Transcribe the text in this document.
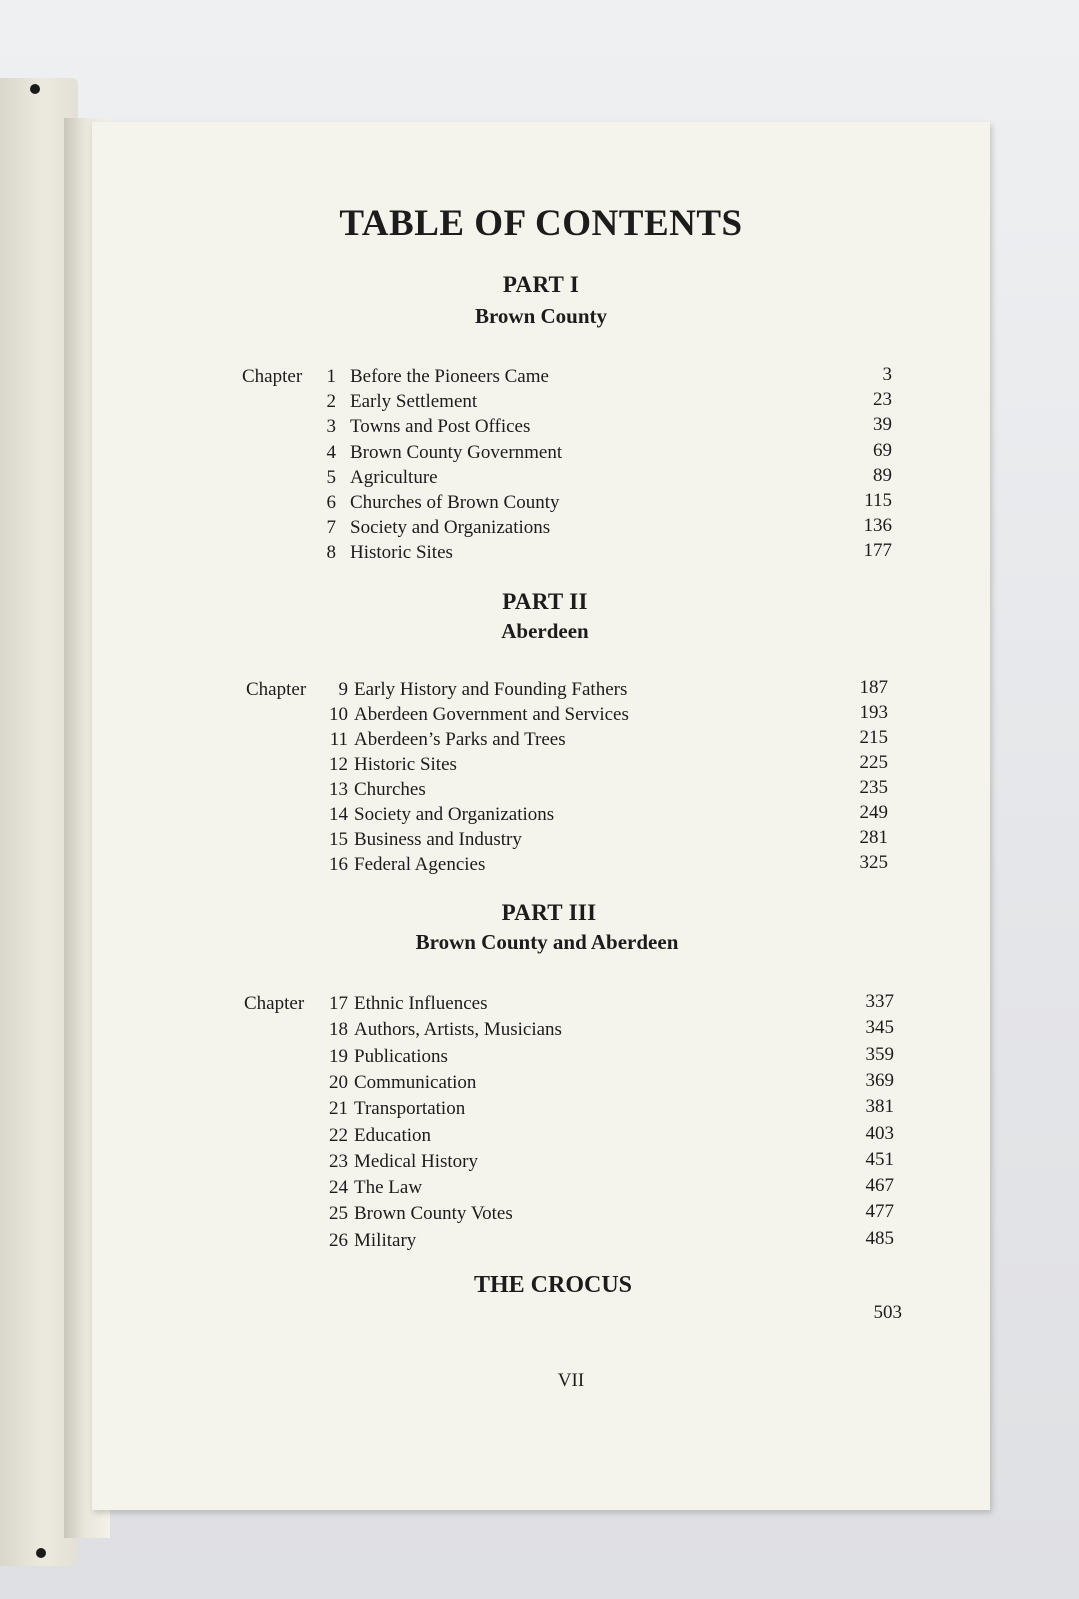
TABLE OF CONTENTS
PART I
Brown County
Chapter	1 Before the Pioneers Came	3
2 Early Settlement	23
3 Towns and Post Offices	39
4 Brown County Government	69
5 Agriculture	89
6 Churches of Brown County	115
7 Society and Organizations	136
8 Historic Sites	177
PART II
Aberdeen
Chapter	9 Early History and Founding Fathers	187
10 Aberdeen Government and Services	193
11 Aberdeen’s Parks and Trees	215
12 Historic Sites	225
13 Churches	235
14 Society and Organizations	249
15 Business and Industry	281
16 Federal Agencies	325
PART III
Brown County and Aberdeen
Chapter	17 Ethnic Influences	337
18 Authors, Artists, Musicians	345
19 Publications	359
20 Communication	369
21 Transportation	381
22 Education	403
23 Medical History	451
24 The Law	467
25 Brown County Votes	477
26 Military	485
THE CROCUS
503
VII
